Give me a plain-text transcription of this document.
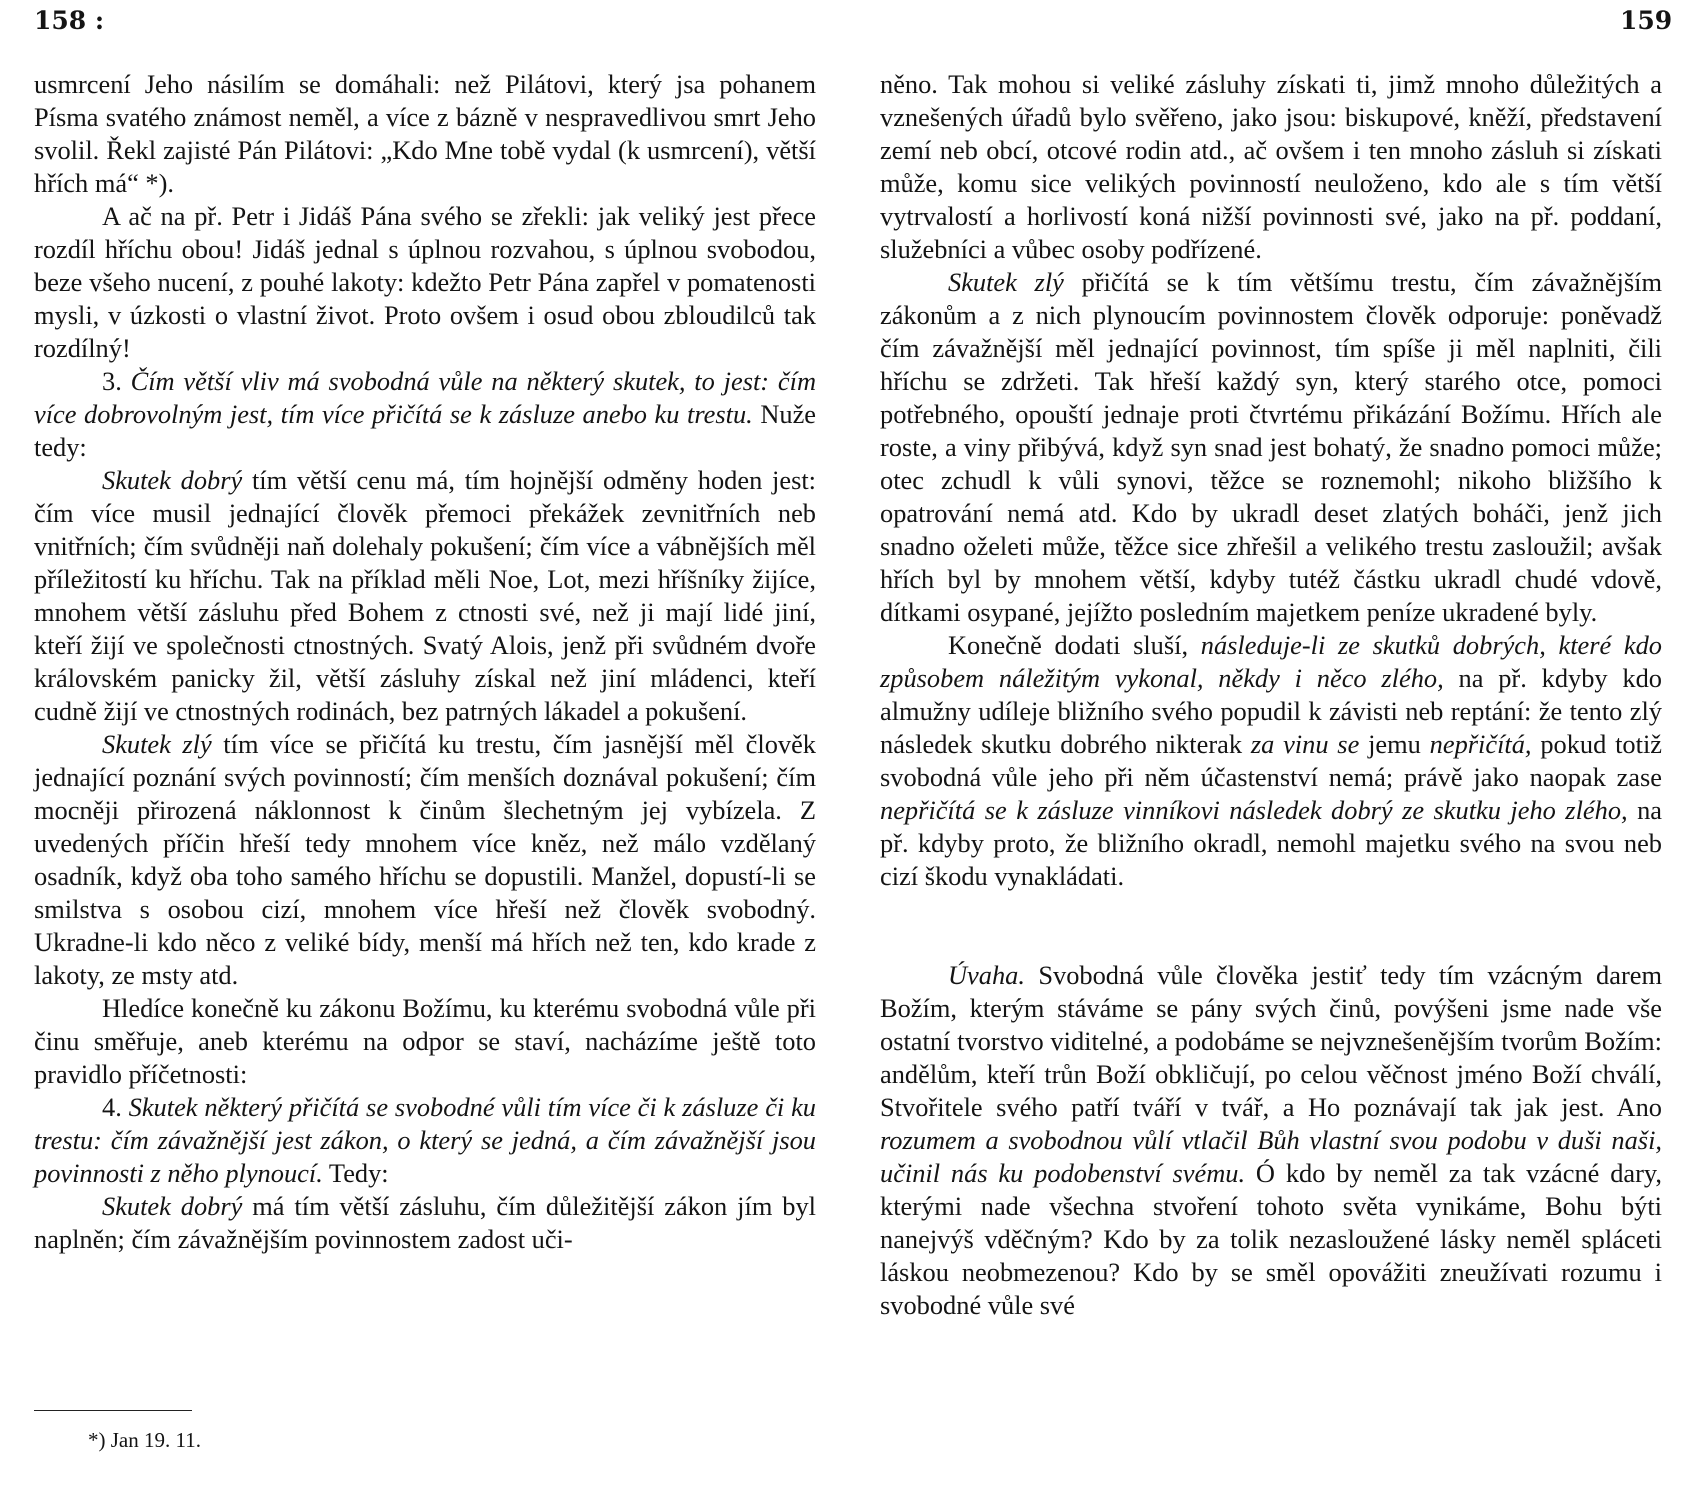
158 :	159

usmrcení Jeho násilím se domáhali: než Pilátovi, který jsa pohanem Písma svatého známost neměl, a více z bázně v nespravedlivou smrt Jeho svolil. Řekl zajisté Pán Pilátovi: „Kdo Mne tobě vydal (k usmrcení), větší hřích má“ *).

A ač na př. Petr i Jidáš Pána svého se zřekli: jak veliký jest přece rozdíl hříchu obou! Jidáš jednal s úplnou rozvahou, s úplnou svobodou, beze všeho nucení, z pouhé lakoty: kdežto Petr Pána zapřel v pomatenosti mysli, v úzkosti o vlastní život. Proto ovšem i osud obou zbloudilců tak rozdílný!

3. Čím větší vliv má svobodná vůle na některý skutek, to jest: čím více dobrovolným jest, tím více přičítá se k zásluze anebo ku trestu. Nuže tedy:

Skutek dobrý tím větší cenu má, tím hojnější odměny hoden jest: čím více musil jednající člověk přemoci překážek zevnitřních neb vnitřních; čím svůdněji naň dolehaly pokušení; čím více a vábnějších měl příležitostí ku hříchu. Tak na příklad měli Noe, Lot, mezi hříšníky žijíce, mnohem větší zásluhu před Bohem z ctnosti své, než ji mají lidé jiní, kteří žijí ve společnosti ctnostných. Svatý Alois, jenž při svůdném dvoře královském panicky žil, větší zásluhy získal než jiní mládenci, kteří cudně žijí ve ctnostných rodinách, bez patrných lákadel a pokušení.

Skutek zlý tím více se přičítá ku trestu, čím jasnější měl člověk jednající poznání svých povinností; čím menších doznával pokušení; čím mocněji přirozená náklonnost k činům šlechetným jej vybízela. Z uvedených příčin hřeší tedy mnohem více kněz, než málo vzdělaný osadník, když oba toho samého hříchu se dopustili. Manžel, dopustí-li se smilstva s osobou cizí, mnohem více hřeší než člověk svobodný. Ukradne-li kdo něco z veliké bídy, menší má hřích než ten, kdo krade z lakoty, ze msty atd.

Hledíce konečně ku zákonu Božímu, ku kterému svobodná vůle při činu směřuje, aneb kterému na odpor se staví, nacházíme ještě toto pravidlo příčetnosti:

4. Skutek některý přičítá se svobodné vůli tím více či k zásluze či ku trestu: čím závažnější jest zákon, o který se jedná, a čím závažnější jsou povinnosti z něho plynoucí. Tedy:

Skutek dobrý má tím větší zásluhu, čím důležitější zákon jím byl naplněn; čím závažnějším povinnostem zadost uči-

něno. Tak mohou si veliké zásluhy získati ti, jimž mnoho důležitých a vznešených úřadů bylo svěřeno, jako jsou: biskupové, kněží, představení zemí neb obcí, otcové rodin atd., ač ovšem i ten mnoho zásluh si získati může, komu sice velikých povinností neuloženo, kdo ale s tím větší vytrvalostí a horlivostí koná nižší povinnosti své, jako na př. poddaní, služebníci a vůbec osoby podřízené.

Skutek zlý přičítá se k tím většímu trestu, čím závažnějším zákonům a z nich plynoucím povinnostem člověk odporuje: poněvadž čím závažnější měl jednající povinnost, tím spíše ji měl naplniti, čili hříchu se zdržeti. Tak hřeší každý syn, který starého otce, pomoci potřebného, opouští jednaje proti čtvrtému přikázání Božímu. Hřích ale roste, a viny přibývá, když syn snad jest bohatý, že snadno pomoci může; otec zchudl k vůli synovi, těžce se roznemohl; nikoho bližšího k opatrování nemá atd. Kdo by ukradl deset zlatých boháči, jenž jich snadno oželeti může, těžce sice zhřešil a velikého trestu zasloužil; avšak hřích byl by mnohem větší, kdyby tutéž částku ukradl chudé vdově, dítkami osypané, jejížto posledním majetkem peníze ukradené byly.

Konečně dodati sluší, následuje-li ze skutků dobrých, které kdo způsobem náležitým vykonal, někdy i něco zlého, na př. kdyby kdo almužny udíleje bližního svého popudil k závisti neb reptání: že tento zlý následek skutku dobrého nikterak za vinu se jemu nepřičítá, pokud totiž svobodná vůle jeho při něm účastenství nemá; právě jako naopak zase nepřičítá se k zásluze vinníkovi následek dobrý ze skutku jeho zlého, na př. kdyby proto, že bližního okradl, nemohl majetku svého na svou neb cizí škodu vynakládati.

Úvaha. Svobodná vůle člověka jestiť tedy tím vzácným darem Božím, kterým stáváme se pány svých činů, povýšeni jsme nade vše ostatní tvorstvo viditelné, a podobáme se nejvznešenějším tvorům Božím: andělům, kteří trůn Boží obkličují, po celou věčnost jméno Boží chválí, Stvořitele svého patří tváří v tvář, a Ho poznávají tak jak jest. Ano rozumem a svobodnou vůlí vtlačil Bůh vlastní svou podobu v duši naši, učinil nás ku podobenství svému. Ó kdo by neměl za tak vzácné dary, kterými nade všechna stvoření tohoto světa vynikáme, Bohu býti nanejvýš vděčným? Kdo by za tolik nezasloužené lásky neměl spláceti láskou neobmezenou? Kdo by se směl opovážiti zneužívati rozumu i svobodné vůle své

*) Jan 19. 11.
